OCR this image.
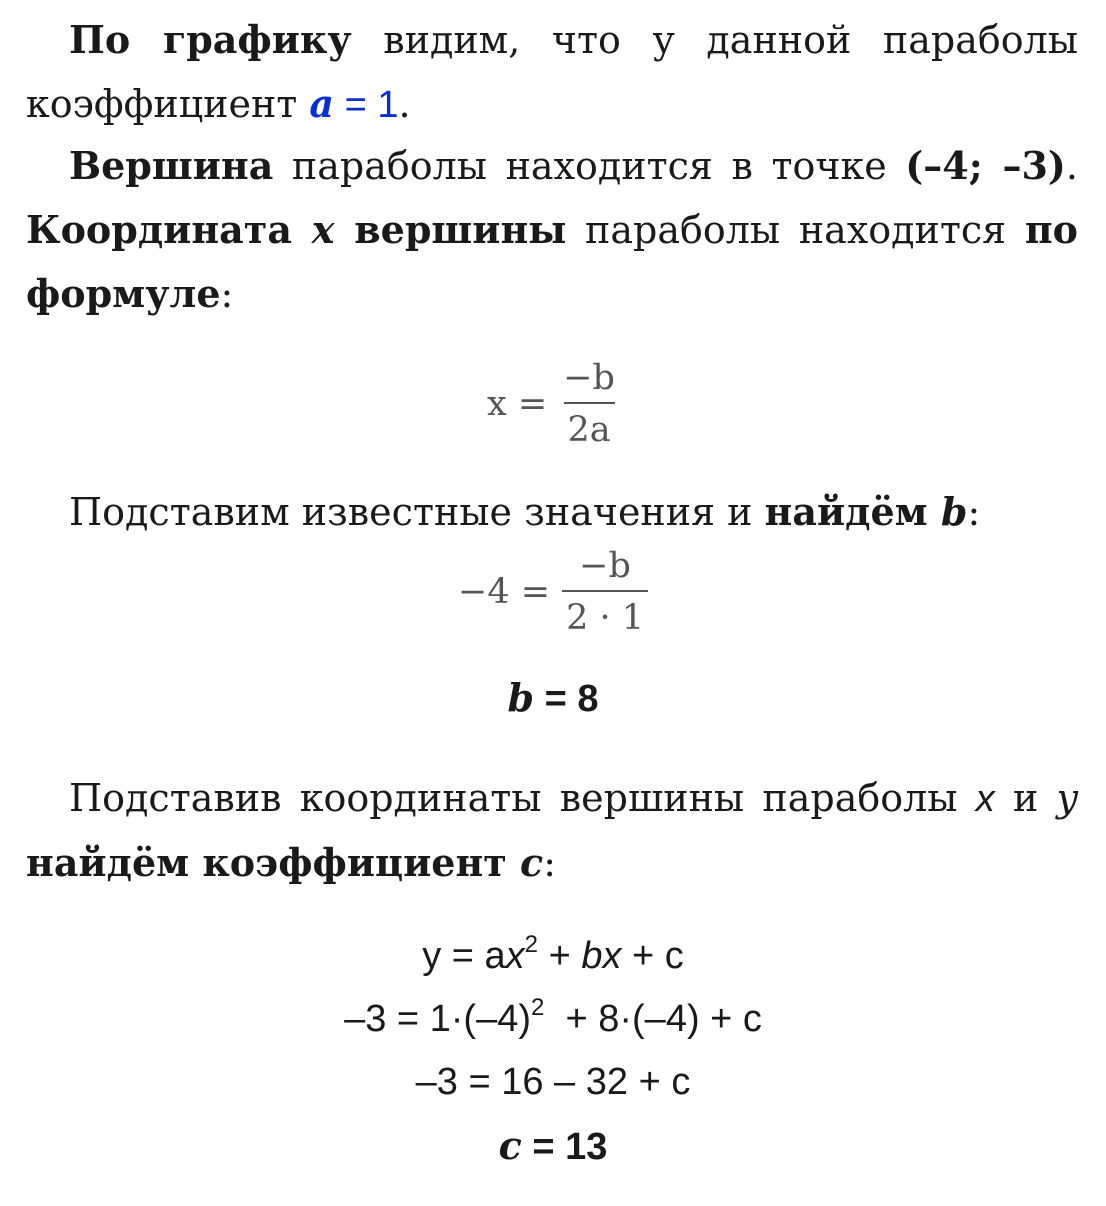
По графику видим, что у данной параболы коэффициент a = 1.
Вершина параболы находится в точке (–4; –3). Координата x вершины параболы находится по формуле:
$x = \frac{-b}{2a}$
Подставим известные значения и найдём b:
$-4 = \frac{-b}{2 \cdot 1}$
b = 8
Подставив координаты вершины параболы x и y найдём коэффициент c:
$y = ax^2$ + bx + c
$-3 = 1\cdot(-4)^2 + 8\cdot(-4) + c$
–3 = 16 – 32 + c
c = 13
